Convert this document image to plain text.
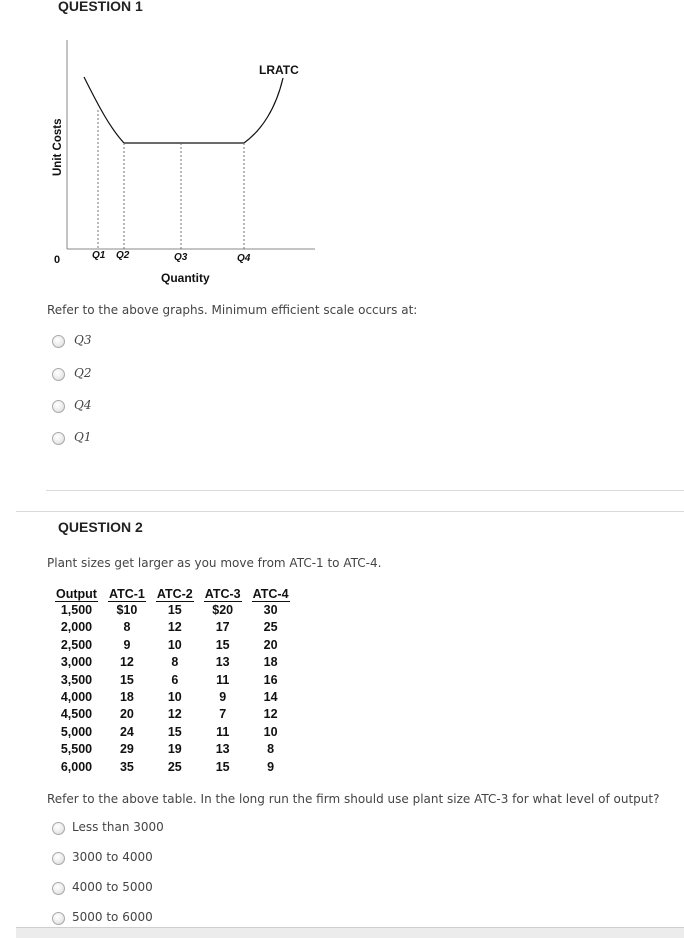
QUESTION 1
LRATC
Unit Costs
0	Q1 Q2	Q3	Q4
Quantity
Refer to the above graphs. Minimum efficient scale occurs at:
Q3
Q2
Q4
Q1
QUESTION 2
Plant sizes get larger as you move from ATC-1 to ATC-4.
Output	ATC-1	ATC-2	ATC-3	ATC-4
1,500	$10	15	$20	30
2,000	8	12	17	25
2,500	9	10	15	20
3,000	12	8	13	18
3,500	15	6	11	16
4,000	18	10	9	14
4,500	20	12	7	12
5,000	24	15	11	10
5,500	29	19	13	8
6,000	35	25	15	9
Refer to the above table. In the long run the firm should use plant size ATC-3 for what level of output?
Less than 3000
3000 to 4000
4000 to 5000
5000 to 6000
